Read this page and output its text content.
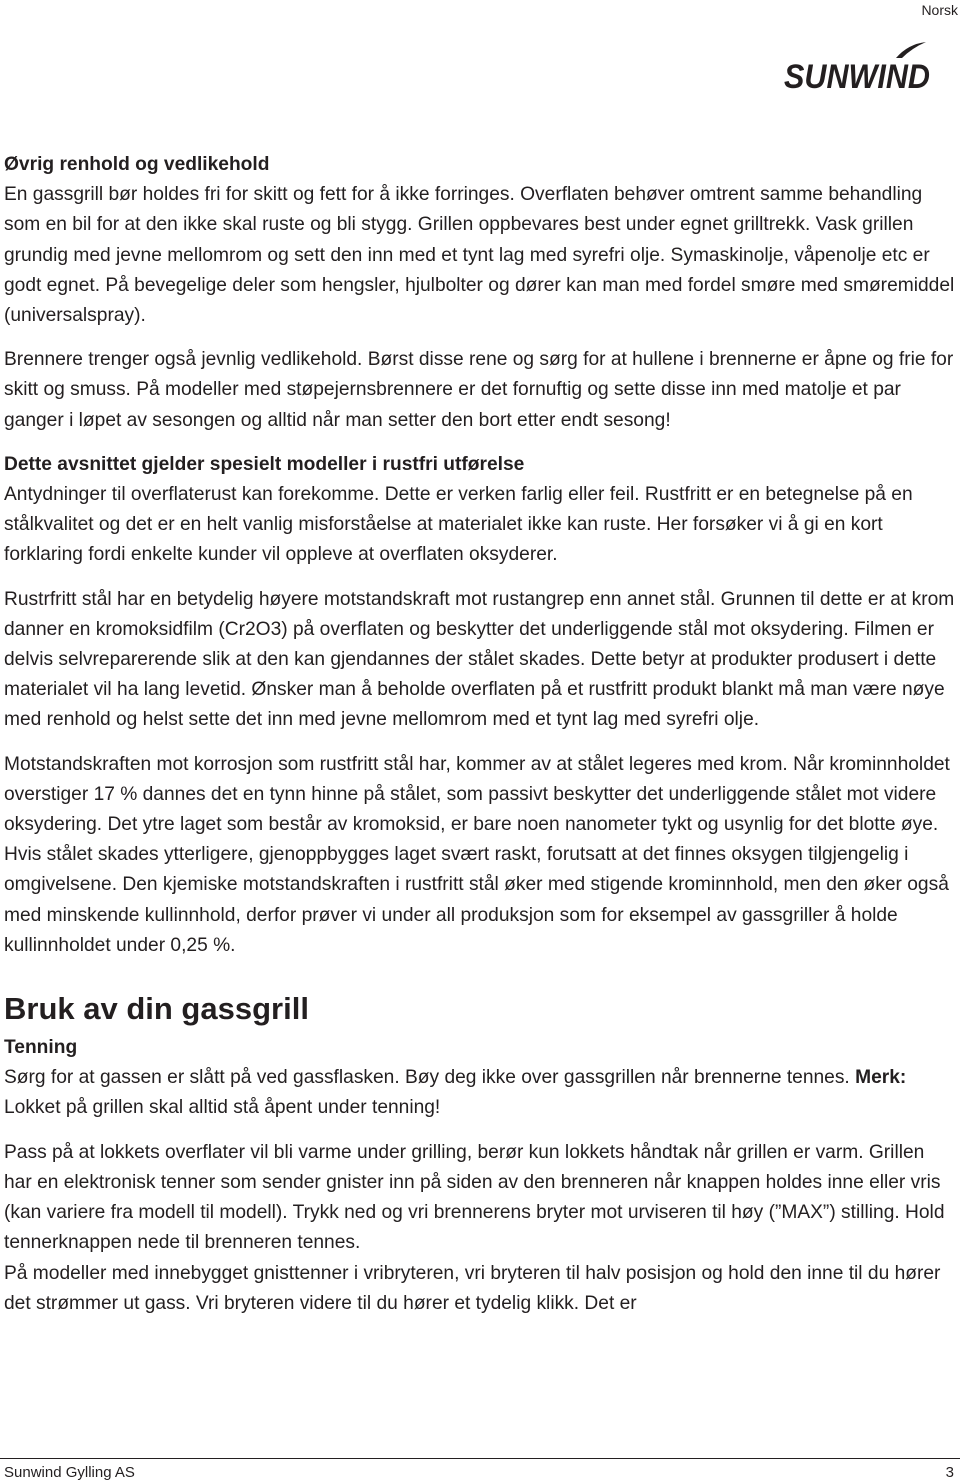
Norsk
SUNWIND
Øvrig renhold og vedlikehold

En gassgrill bør holdes fri for skitt og fett for å ikke forringes. Overflaten behøver omtrent samme behandling som en bil for at den ikke skal ruste og bli stygg. Grillen oppbevares best under egnet grilltrekk. Vask grillen grundig med jevne mellomrom og sett den inn med et tynt lag med syrefri olje. Symaskinolje, våpenolje etc er godt egnet. På bevegelige deler som hengsler, hjulbolter og dører kan man med fordel smøre med smøremiddel (universalspray).

Brennere trenger også jevnlig vedlikehold. Børst disse rene og sørg for at hullene i brennerne er åpne og frie for skitt og smuss. På modeller med støpejernsbrennere er det fornuftig og sette disse inn med matolje et par ganger i løpet av sesongen og alltid når man setter den bort etter endt sesong!

Dette avsnittet gjelder spesielt modeller i rustfri utførelse

Antydninger til overflaterust kan forekomme. Dette er verken farlig eller feil. Rustfritt er en betegnelse på en stålkvalitet og det er en helt vanlig misforståelse at materialet ikke kan ruste. Her forsøker vi å gi en kort forklaring fordi enkelte kunder vil oppleve at overflaten oksyderer.

Rustrfritt stål har en betydelig høyere motstandskraft mot rustangrep enn annet stål. Grunnen til dette er at krom danner en kromoksidfilm (Cr2O3) på overflaten og beskytter det underliggende stål mot oksydering. Filmen er delvis selvreparerende slik at den kan gjendannes der stålet skades. Dette betyr at produkter produsert i dette materialet vil ha lang levetid. Ønsker man å beholde overflaten på et rustfritt produkt blankt må man være nøye med renhold og helst sette det inn med jevne mellomrom med et tynt lag med syrefri olje.

Motstandskraften mot korrosjon som rustfritt stål har, kommer av at stålet legeres med krom. Når krominnholdet overstiger 17 % dannes det en tynn hinne på stålet, som passivt beskytter det underliggende stålet mot videre oksydering. Det ytre laget som består av kromoksid, er bare noen nanometer tykt og usynlig for det blotte øye. Hvis stålet skades ytterligere, gjenoppbygges laget svært raskt, forutsatt at det finnes oksygen tilgjengelig i omgivelsene. Den kjemiske motstandskraften i rustfritt stål øker med stigende krominnhold, men den øker også med minskende kullinnhold, derfor prøver vi under all produksjon som for eksempel av gassgriller å holde kullinnholdet under 0,25 %.

Bruk av din gassgrill
Tenning

Sørg for at gassen er slått på ved gassflasken. Bøy deg ikke over gassgrillen når brennerne tennes. Merk: Lokket på grillen skal alltid stå åpent under tenning!

Pass på at lokkets overflater vil bli varme under grilling, berør kun lokkets håndtak når grillen er varm. Grillen har en elektronisk tenner som sender gnister inn på siden av den brenneren når knappen holdes inne eller vris (kan variere fra modell til modell). Trykk ned og vri brennerens bryter mot urviseren til høy (”MAX”) stilling. Hold tennerknappen nede til brenneren tennes.

På modeller med innebygget gnisttenner i vribryteren, vri bryteren til halv posisjon og hold den inne til du hører det strømmer ut gass. Vri bryteren videre til du hører et tydelig klikk. Det er

Sunwind Gylling AS	3
